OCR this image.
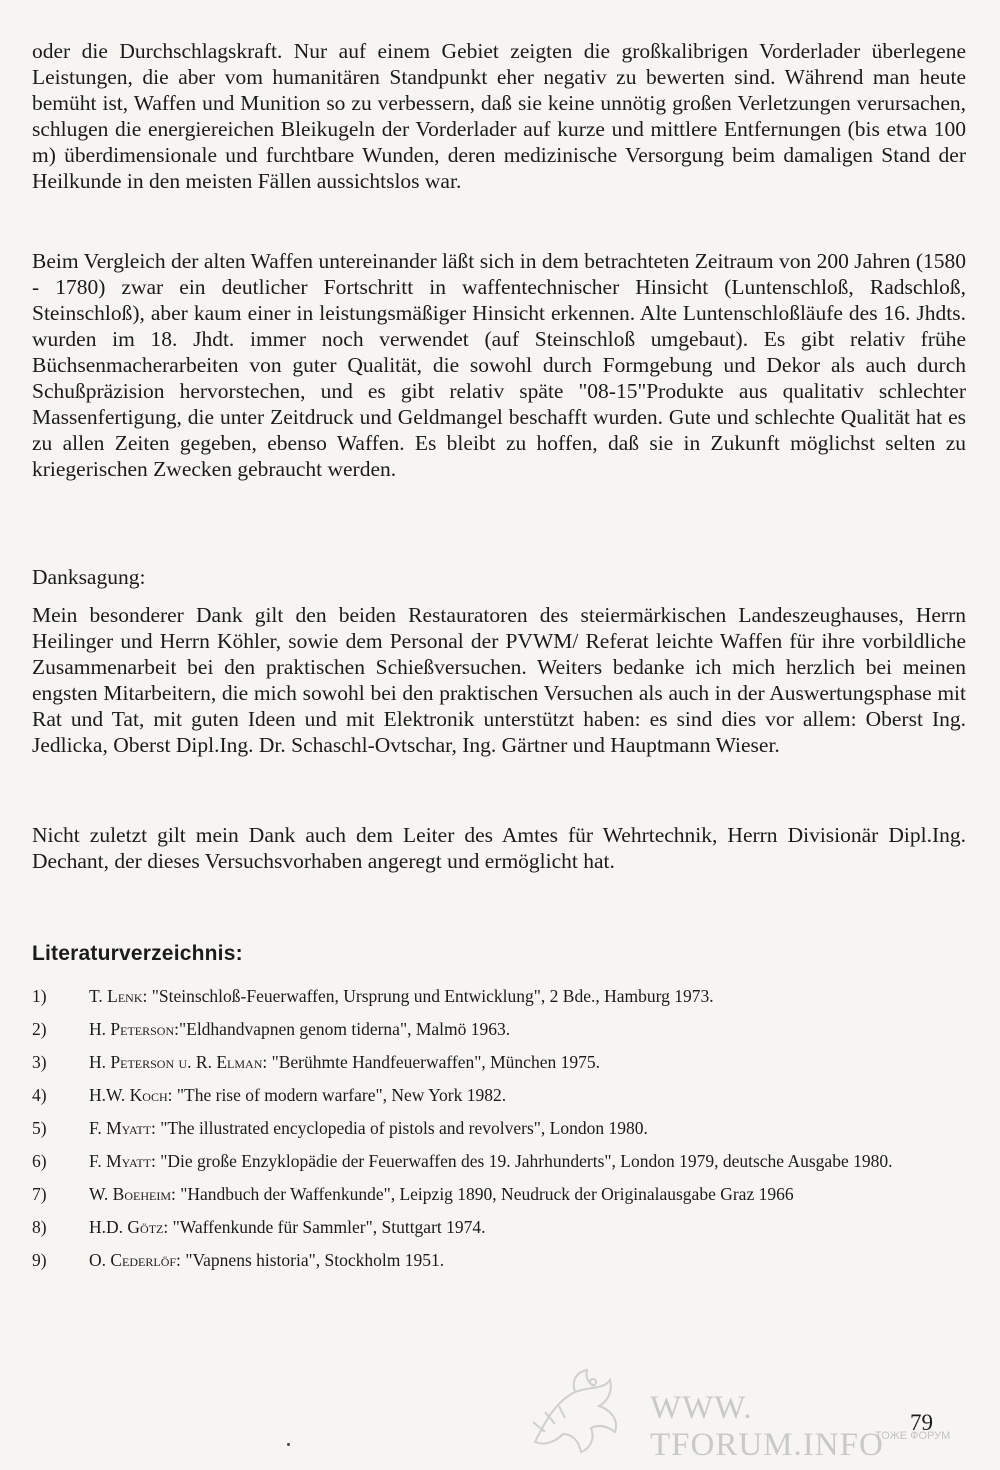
oder die Durchschlagskraft. Nur auf einem Gebiet zeigten die großkalibrigen Vorderlader überlegene Leistungen, die aber vom humanitären Standpunkt eher negativ zu bewerten sind. Während man heute bemüht ist, Waffen und Munition so zu verbessern, daß sie keine unnötig großen Verletzungen verursachen, schlugen die energiereichen Bleikugeln der Vorderlader auf kurze und mittlere Entfernungen (bis etwa 100 m) überdimensionale und furchtbare Wunden, deren medizinische Versorgung beim damaligen Stand der Heilkunde in den meisten Fällen aussichtslos war.

Beim Vergleich der alten Waffen untereinander läßt sich in dem betrachteten Zeitraum von 200 Jahren (1580 - 1780) zwar ein deutlicher Fortschritt in waffentechnischer Hinsicht (Luntenschloß, Radschloß, Steinschloß), aber kaum einer in leistungsmäßiger Hinsicht erkennen. Alte Luntenschloßläufe des 16. Jhdts. wurden im 18. Jhdt. immer noch verwendet (auf Steinschloß umgebaut). Es gibt relativ frühe Büchsenmacherarbeiten von guter Qualität, die sowohl durch Formgebung und Dekor als auch durch Schußpräzision hervorstechen, und es gibt relativ späte "08-15"Produkte aus qualitativ schlechter Massenfertigung, die unter Zeitdruck und Geldmangel beschafft wurden. Gute und schlechte Qualität hat es zu allen Zeiten gegeben, ebenso Waffen. Es bleibt zu hoffen, daß sie in Zukunft möglichst selten zu kriegerischen Zwecken gebraucht werden.

Danksagung:

Mein besonderer Dank gilt den beiden Restauratoren des steiermärkischen Landeszeughauses, Herrn Heilinger und Herrn Köhler, sowie dem Personal der PVWM/ Referat leichte Waffen für ihre vorbildliche Zusammenarbeit bei den praktischen Schießversuchen. Weiters bedanke ich mich herzlich bei meinen engsten Mitarbeitern, die mich sowohl bei den praktischen Versuchen als auch in der Auswertungsphase mit Rat und Tat, mit guten Ideen und mit Elektronik unterstützt haben: es sind dies vor allem: Oberst Ing. Jedlicka, Oberst Dipl.Ing. Dr. Schaschl-Ovtschar, Ing. Gärtner und Hauptmann Wieser.

Nicht zuletzt gilt mein Dank auch dem Leiter des Amtes für Wehrtechnik, Herrn Divisionär Dipl.Ing. Dechant, der dieses Versuchsvorhaben angeregt und ermöglicht hat.

Literaturverzeichnis:
1) T. Lenk: "Steinschloß-Feuerwaffen, Ursprung und Entwicklung", 2 Bde., Hamburg 1973.
2) H. Peterson:"Eldhandvapnen genom tiderna", Malmö 1963.
3) H. Peterson u. R. Elman: "Berühmte Handfeuerwaffen", München 1975.
4) H.W. Koch: "The rise of modern warfare", New York 1982.
5) F. Myatt: "The illustrated encyclopedia of pistols and revolvers", London 1980.
6) F. Myatt: "Die große Enzyklopädie der Feuerwaffen des 19. Jahrhunderts", London 1979, deutsche Ausgabe 1980.
7) W. Boeheim: "Handbuch der Waffenkunde", Leipzig 1890, Neudruck der Originalausgabe Graz 1966
8) H.D. Götz: "Waffenkunde für Sammler", Stuttgart 1974.
9) O. Cederlöf: "Vapnens historia", Stockholm 1951.
WWW. TFORUM.INFO
ТОЖЕ ФОРУМ
79
